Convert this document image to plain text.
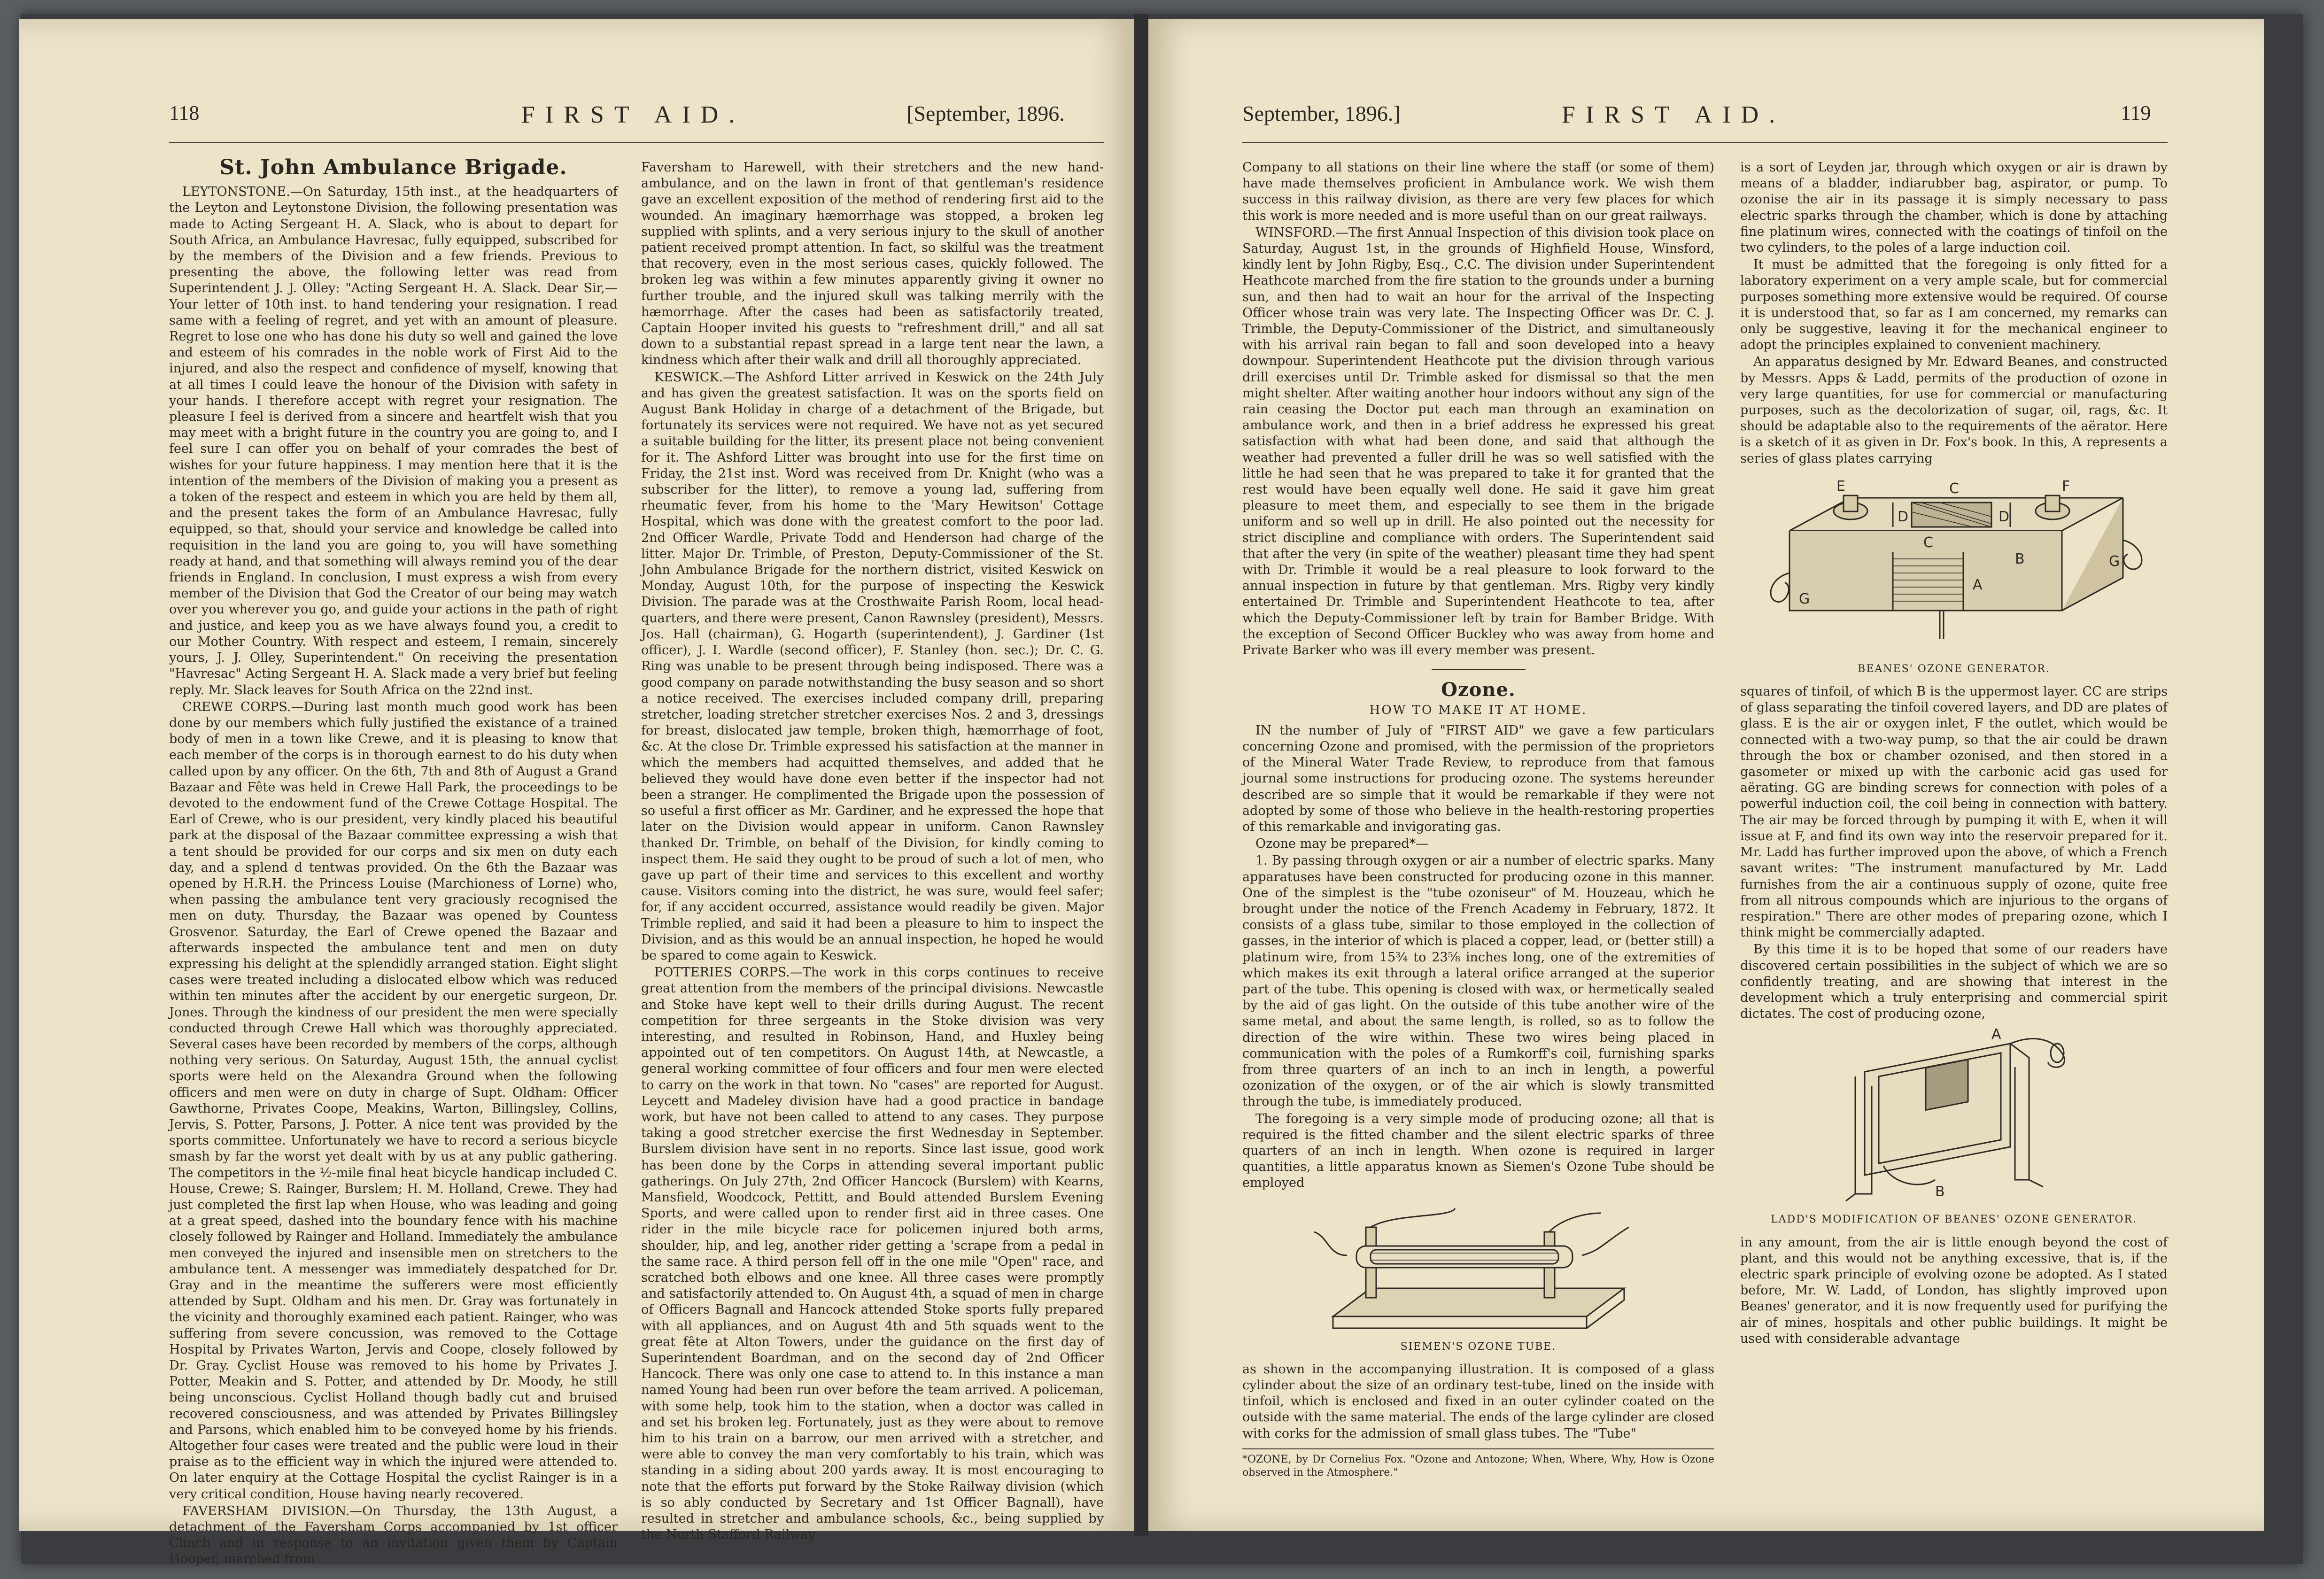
118	FIRST AID.	[September, 1896.
St. John Ambulance Brigade.

LEYTONSTONE.—On Saturday, 15th inst., at the headquarters of the Leyton and Leytonstone Division, the following presentation was made to Acting Sergeant H. A. Slack, who is about to depart for South Africa, an Ambulance Havresac, fully equipped, subscribed for by the members of the Division and a few friends. Previous to presenting the above, the following letter was read from Superintendent J. J. Olley: "Acting Sergeant H. A. Slack. Dear Sir,—Your letter of 10th inst. to hand tendering your resignation. I read same with a feeling of regret, and yet with an amount of pleasure. Regret to lose one who has done his duty so well and gained the love and esteem of his comrades in the noble work of First Aid to the injured, and also the respect and confidence of myself, knowing that at all times I could leave the honour of the Division with safety in your hands. I therefore accept with regret your resignation. The pleasure I feel is derived from a sincere and heartfelt wish that you may meet with a bright future in the country you are going to, and I feel sure I can offer you on behalf of your comrades the best of wishes for your future happiness. I may mention here that it is the intention of the members of the Division of making you a present as a token of the respect and esteem in which you are held by them all, and the present takes the form of an Ambulance Havresac, fully equipped, so that, should your service and knowledge be called into requisition in the land you are going to, you will have something ready at hand, and that something will always remind you of the dear friends in England. In conclusion, I must express a wish from every member of the Division that God the Creator of our being may watch over you wherever you go, and guide your actions in the path of right and justice, and keep you as we have always found you, a credit to our Mother Country. With respect and esteem, I remain, sincerely yours, J. J. Olley, Superintendent." On receiving the presentation "Havresac" Acting Sergeant H. A. Slack made a very brief but feeling reply. Mr. Slack leaves for South Africa on the 22nd inst.

CREWE CORPS.—During last month much good work has been done by our members which fully justified the existance of a trained body of men in a town like Crewe, and it is pleasing to know that each member of the corps is in thorough earnest to do his duty when called upon by any officer. On the 6th, 7th and 8th of August a Grand Bazaar and Fête was held in Crewe Hall Park, the proceedings to be devoted to the endowment fund of the Crewe Cottage Hospital. The Earl of Crewe, who is our president, very kindly placed his beautiful park at the disposal of the Bazaar committee expressing a wish that a tent should be provided for our corps and six men on duty each day, and a splend d tentwas provided. On the 6th the Bazaar was opened by H.R.H. the Princess Louise (Marchioness of Lorne) who, when passing the ambulance tent very graciously recognised the men on duty. Thursday, the Bazaar was opened by Countess Grosvenor. Saturday, the Earl of Crewe opened the Bazaar and afterwards inspected the ambulance tent and men on duty expressing his delight at the splendidly arranged station. Eight slight cases were treated including a dislocated elbow which was reduced within ten minutes after the accident by our energetic surgeon, Dr. Jones. Through the kindness of our president the men were specially conducted through Crewe Hall which was thoroughly appreciated. Several cases have been recorded by members of the corps, although nothing very serious. On Saturday, August 15th, the annual cyclist sports were held on the Alexandra Ground when the following officers and men were on duty in charge of Supt. Oldham: Officer Gawthorne, Privates Coope, Meakins, Warton, Billingsley, Collins, Jervis, S. Potter, Parsons, J. Potter. A nice tent was provided by the sports committee. Unfortunately we have to record a serious bicycle smash by far the worst yet dealt with by us at any public gathering. The competitors in the ½-mile final heat bicycle handicap included C. House, Crewe; S. Rainger, Burslem; H. M. Holland, Crewe. They had just completed the first lap when House, who was leading and going at a great speed, dashed into the boundary fence with his machine closely followed by Rainger and Holland. Immediately the ambulance men conveyed the injured and insensible men on stretchers to the ambulance tent. A messenger was immediately despatched for Dr. Gray and in the meantime the sufferers were most efficiently attended by Supt. Oldham and his men. Dr. Gray was fortunately in the vicinity and thoroughly examined each patient. Rainger, who was suffering from severe concussion, was removed to the Cottage Hospital by Privates Warton, Jervis and Coope, closely followed by Dr. Gray. Cyclist House was removed to his home by Privates J. Potter, Meakin and S. Potter, and attended by Dr. Moody, he still being unconscious. Cyclist Holland though badly cut and bruised recovered consciousness, and was attended by Privates Billingsley and Parsons, which enabled him to be conveyed home by his friends. Altogether four cases were treated and the public were loud in their praise as to the efficient way in which the injured were attended to. On later enquiry at the Cottage Hospital the cyclist Rainger is in a very critical condition, House having nearly recovered.

FAVERSHAM DIVISION.—On Thursday, the 13th August, a detachment of the Faversham Corps accompanied by 1st officer Clinch and in response to an invitation given them by Captain Hooper, marched from

Faversham to Harewell, with their stretchers and the new hand-ambulance, and on the lawn in front of that gentleman's residence gave an excellent exposition of the method of rendering first aid to the wounded. An imaginary hæmorrhage was stopped, a broken leg supplied with splints, and a very serious injury to the skull of another patient received prompt attention. In fact, so skilful was the treatment that recovery, even in the most serious cases, quickly followed. The broken leg was within a few minutes apparently giving it owner no further trouble, and the injured skull was talking merrily with the hæmorrhage. After the cases had been as satisfactorily treated, Captain Hooper invited his guests to "refreshment drill," and all sat down to a substantial repast spread in a large tent near the lawn, a kindness which after their walk and drill all thoroughly appreciated.

KESWICK.—The Ashford Litter arrived in Keswick on the 24th July and has given the greatest satisfaction. It was on the sports field on August Bank Holiday in charge of a detachment of the Brigade, but fortunately its services were not required. We have not as yet secured a suitable building for the litter, its present place not being convenient for it. The Ashford Litter was brought into use for the first time on Friday, the 21st inst. Word was received from Dr. Knight (who was a subscriber for the litter), to remove a young lad, suffering from rheumatic fever, from his home to the 'Mary Hewitson' Cottage Hospital, which was done with the greatest comfort to the poor lad. 2nd Officer Wardle, Private Todd and Henderson had charge of the litter. Major Dr. Trimble, of Preston, Deputy-Commissioner of the St. John Ambulance Brigade for the northern district, visited Keswick on Monday, August 10th, for the purpose of inspecting the Keswick Division. The parade was at the Crosthwaite Parish Room, local head-quarters, and there were present, Canon Rawnsley (president), Messrs. Jos. Hall (chairman), G. Hogarth (superintendent), J. Gardiner (1st officer), J. I. Wardle (second officer), F. Stanley (hon. sec.); Dr. C. G. Ring was unable to be present through being indisposed. There was a good company on parade notwithstanding the busy season and so short a notice received. The exercises included company drill, preparing stretcher, loading stretcher stretcher exercises Nos. 2 and 3, dressings for breast, dislocated jaw temple, broken thigh, hæmorrhage of foot, &c. At the close Dr. Trimble expressed his satisfaction at the manner in which the members had acquitted themselves, and added that he believed they would have done even better if the inspector had not been a stranger. He complimented the Brigade upon the possession of so useful a first officer as Mr. Gardiner, and he expressed the hope that later on the Division would appear in uniform. Canon Rawnsley thanked Dr. Trimble, on behalf of the Division, for kindly coming to inspect them. He said they ought to be proud of such a lot of men, who gave up part of their time and services to this excellent and worthy cause. Visitors coming into the district, he was sure, would feel safer; for, if any accident occurred, assistance would readily be given. Major Trimble replied, and said it had been a pleasure to him to inspect the Division, and as this would be an annual inspection, he hoped he would be spared to come again to Keswick.

POTTERIES CORPS.—The work in this corps continues to receive great attention from the members of the principal divisions. Newcastle and Stoke have kept well to their drills during August. The recent competition for three sergeants in the Stoke division was very interesting, and resulted in Robinson, Hand, and Huxley being appointed out of ten competitors. On August 14th, at Newcastle, a general working committee of four officers and four men were elected to carry on the work in that town. No "cases" are reported for August. Leycett and Madeley division have had a good practice in bandage work, but have not been called to attend to any cases. They purpose taking a good stretcher exercise the first Wednesday in September. Burslem division have sent in no reports. Since last issue, good work has been done by the Corps in attending several important public gatherings. On July 27th, 2nd Officer Hancock (Burslem) with Kearns, Mansfield, Woodcock, Pettitt, and Bould attended Burslem Evening Sports, and were called upon to render first aid in three cases. One rider in the mile bicycle race for policemen injured both arms, shoulder, hip, and leg, another rider getting a 'scrape from a pedal in the same race. A third person fell off in the one mile "Open" race, and scratched both elbows and one knee. All three cases were promptly and satisfactorily attended to. On August 4th, a squad of men in charge of Officers Bagnall and Hancock attended Stoke sports fully prepared with all appliances, and on August 4th and 5th squads went to the great fête at Alton Towers, under the guidance on the first day of Superintendent Boardman, and on the second day of 2nd Officer Hancock. There was only one case to attend to. In this instance a man named Young had been run over before the team arrived. A policeman, with some help, took him to the station, when a doctor was called in and set his broken leg. Fortunately, just as they were about to remove him to his train on a barrow, our men arrived with a stretcher, and were able to convey the man very comfortably to his train, which was standing in a siding about 200 yards away. It is most encouraging to note that the efforts put forward by the Stoke Railway division (which is so ably conducted by Secretary and 1st Officer Bagnall), have resulted in stretcher and ambulance schools, &c., being supplied by the North Stafford Railway

September, 1896.]	FIRST AID.	119

Company to all stations on their line where the staff (or some of them) have made themselves proficient in Ambulance work. We wish them success in this railway division, as there are very few places for which this work is more needed and is more useful than on our great railways.

WINSFORD.—The first Annual Inspection of this division took place on Saturday, August 1st, in the grounds of Highfield House, Winsford, kindly lent by John Rigby, Esq., C.C. The division under Superintendent Heathcote marched from the fire station to the grounds under a burning sun, and then had to wait an hour for the arrival of the Inspecting Officer whose train was very late. The Inspecting Officer was Dr. C. J. Trimble, the Deputy-Commissioner of the District, and simultaneously with his arrival rain began to fall and soon developed into a heavy downpour. Superintendent Heathcote put the division through various drill exercises until Dr. Trimble asked for dismissal so that the men might shelter. After waiting another hour indoors without any sign of the rain ceasing the Doctor put each man through an examination on ambulance work, and then in a brief address he expressed his great satisfaction with what had been done, and said that although the weather had prevented a fuller drill he was so well satisfied with the little he had seen that he was prepared to take it for granted that the rest would have been equally well done. He said it gave him great pleasure to meet them, and especially to see them in the brigade uniform and so well up in drill. He also pointed out the necessity for strict discipline and compliance with orders. The Superintendent said that after the very (in spite of the weather) pleasant time they had spent with Dr. Trimble it would be a real pleasure to look forward to the annual inspection in future by that gentleman. Mrs. Rigby very kindly entertained Dr. Trimble and Superintendent Heathcote to tea, after which the Deputy-Commissioner left by train for Bamber Bridge. With the exception of Second Officer Buckley who was away from home and Private Barker who was ill every member was present.

Ozone.
HOW TO MAKE IT AT HOME.

IN the number of July of "FIRST AID" we gave a few particulars concerning Ozone and promised, with the permission of the proprietors of the Mineral Water Trade Review, to reproduce from that famous journal some instructions for producing ozone. The systems hereunder described are so simple that it would be remarkable if they were not adopted by some of those who believe in the health-restoring properties of this remarkable and invigorating gas.

Ozone may be prepared*—

1. By passing through oxygen or air a number of electric sparks. Many apparatuses have been constructed for producing ozone in this manner. One of the simplest is the "tube ozoniseur" of M. Houzeau, which he brought under the notice of the French Academy in February, 1872. It consists of a glass tube, similar to those employed in the collection of gasses, in the interior of which is placed a copper, lead, or (better still) a platinum wire, from 15¾ to 23⅝ inches long, one of the extremities of which makes its exit through a lateral orifice arranged at the superior part of the tube. This opening is closed with wax, or hermetically sealed by the aid of gas light. On the outside of this tube another wire of the same metal, and about the same length, is rolled, so as to follow the direction of the wire within. These two wires being placed in communication with the poles of a Rumkorff's coil, furnishing sparks from three quarters of an inch to an inch in length, a powerful ozonization of the oxygen, or of the air which is slowly transmitted through the tube, is immediately produced.

The foregoing is a very simple mode of producing ozone; all that is required is the fitted chamber and the silent electric sparks of three quarters of an inch in length. When ozone is required in larger quantities, a little apparatus known as Siemen's Ozone Tube should be employed

SIEMEN'S OZONE TUBE.

as shown in the accompanying illustration. It is composed of a glass cylinder about the size of an ordinary test-tube, lined on the inside with tinfoil, which is enclosed and fixed in an outer cylinder coated on the outside with the same material. The ends of the large cylinder are closed with corks for the admission of small glass tubes. The "Tube"

*OZONE, by Dr Cornelius Fox. "Ozone and Antozone; When, Where, Why, How is Ozone observed in the Atmosphere."

is a sort of Leyden jar, through which oxygen or air is drawn by means of a bladder, indiarubber bag, aspirator, or pump. To ozonise the air in its passage it is simply necessary to pass electric sparks through the chamber, which is done by attaching fine platinum wires, connected with the coatings of tinfoil on the two cylinders, to the poles of a large induction coil.

It must be admitted that the foregoing is only fitted for a laboratory experiment on a very ample scale, but for commercial purposes something more extensive would be required. Of course it is understood that, so far as I am concerned, my remarks can only be suggestive, leaving it for the mechanical engineer to adopt the principles explained to convenient machinery.

An apparatus designed by Mr. Edward Beanes, and constructed by Messrs. Apps & Ladd, permits of the production of ozone in very large quantities, for use for commercial or manufacturing purposes, such as the decolorization of sugar, oil, rags, &c. It should be adaptable also to the requirements of the aërator. Here is a sketch of it as given in Dr. Fox's book. In this, A represents a series of glass plates carrying

C
D	D
C
A
G
G
E	F
B
BEANES' OZONE GENERATOR.

squares of tinfoil, of which B is the uppermost layer. CC are strips of glass separating the tinfoil covered layers, and DD are plates of glass. E is the air or oxygen inlet, F the outlet, which would be connected with a two-way pump, so that the air could be drawn through the box or chamber ozonised, and then stored in a gasometer or mixed up with the carbonic acid gas used for aërating. GG are binding screws for connection with poles of a powerful induction coil, the coil being in connection with battery. The air may be forced through by pumping it with E, when it will issue at F, and find its own way into the reservoir prepared for it. Mr. Ladd has further improved upon the above, of which a French savant writes: "The instrument manufactured by Mr. Ladd furnishes from the air a continuous supply of ozone, quite free from all nitrous compounds which are injurious to the organs of respiration." There are other modes of preparing ozone, which I think might be commercially adapted.

By this time it is to be hoped that some of our readers have discovered certain possibilities in the subject of which we are so confidently treating, and are showing that interest in the development which a truly enterprising and commercial spirit dictates. The cost of producing ozone,

A
B
LADD'S MODIFICATION OF BEANES' OZONE GENERATOR.

in any amount, from the air is little enough beyond the cost of plant, and this would not be anything excessive, that is, if the electric spark principle of evolving ozone be adopted. As I stated before, Mr. W. Ladd, of London, has slightly improved upon Beanes' generator, and it is now frequently used for purifying the air of mines, hospitals and other public buildings. It might be used with considerable advantage
